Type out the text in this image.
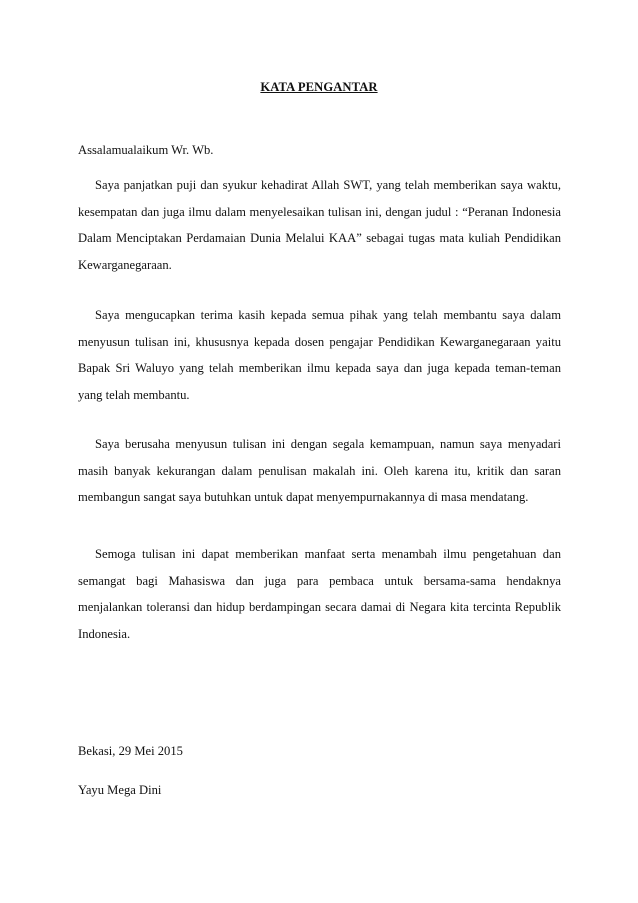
KATA PENGANTAR
Assalamualaikum Wr. Wb.

Saya panjatkan puji dan syukur kehadirat Allah SWT, yang telah memberikan saya waktu, kesempatan dan juga ilmu dalam menyelesaikan tulisan ini, dengan judul : “Peranan Indonesia Dalam Menciptakan Perdamaian Dunia Melalui KAA” sebagai tugas mata kuliah Pendidikan Kewarganegaraan.

Saya mengucapkan terima kasih kepada semua pihak yang telah membantu saya dalam menyusun tulisan ini, khususnya kepada dosen pengajar Pendidikan Kewarganegaraan yaitu Bapak Sri Waluyo yang telah memberikan ilmu kepada saya dan juga kepada teman-teman yang telah membantu.

Saya berusaha menyusun tulisan ini dengan segala kemampuan, namun saya menyadari masih banyak kekurangan dalam penulisan makalah ini. Oleh karena itu, kritik dan saran membangun sangat saya butuhkan untuk dapat menyempurnakannya di masa mendatang.

Semoga tulisan ini dapat memberikan manfaat serta menambah ilmu pengetahuan dan semangat bagi Mahasiswa dan juga para pembaca untuk bersama-sama hendaknya menjalankan toleransi dan hidup berdampingan secara damai di Negara kita tercinta Republik Indonesia.

Bekasi, 29 Mei 2015
Yayu Mega Dini
